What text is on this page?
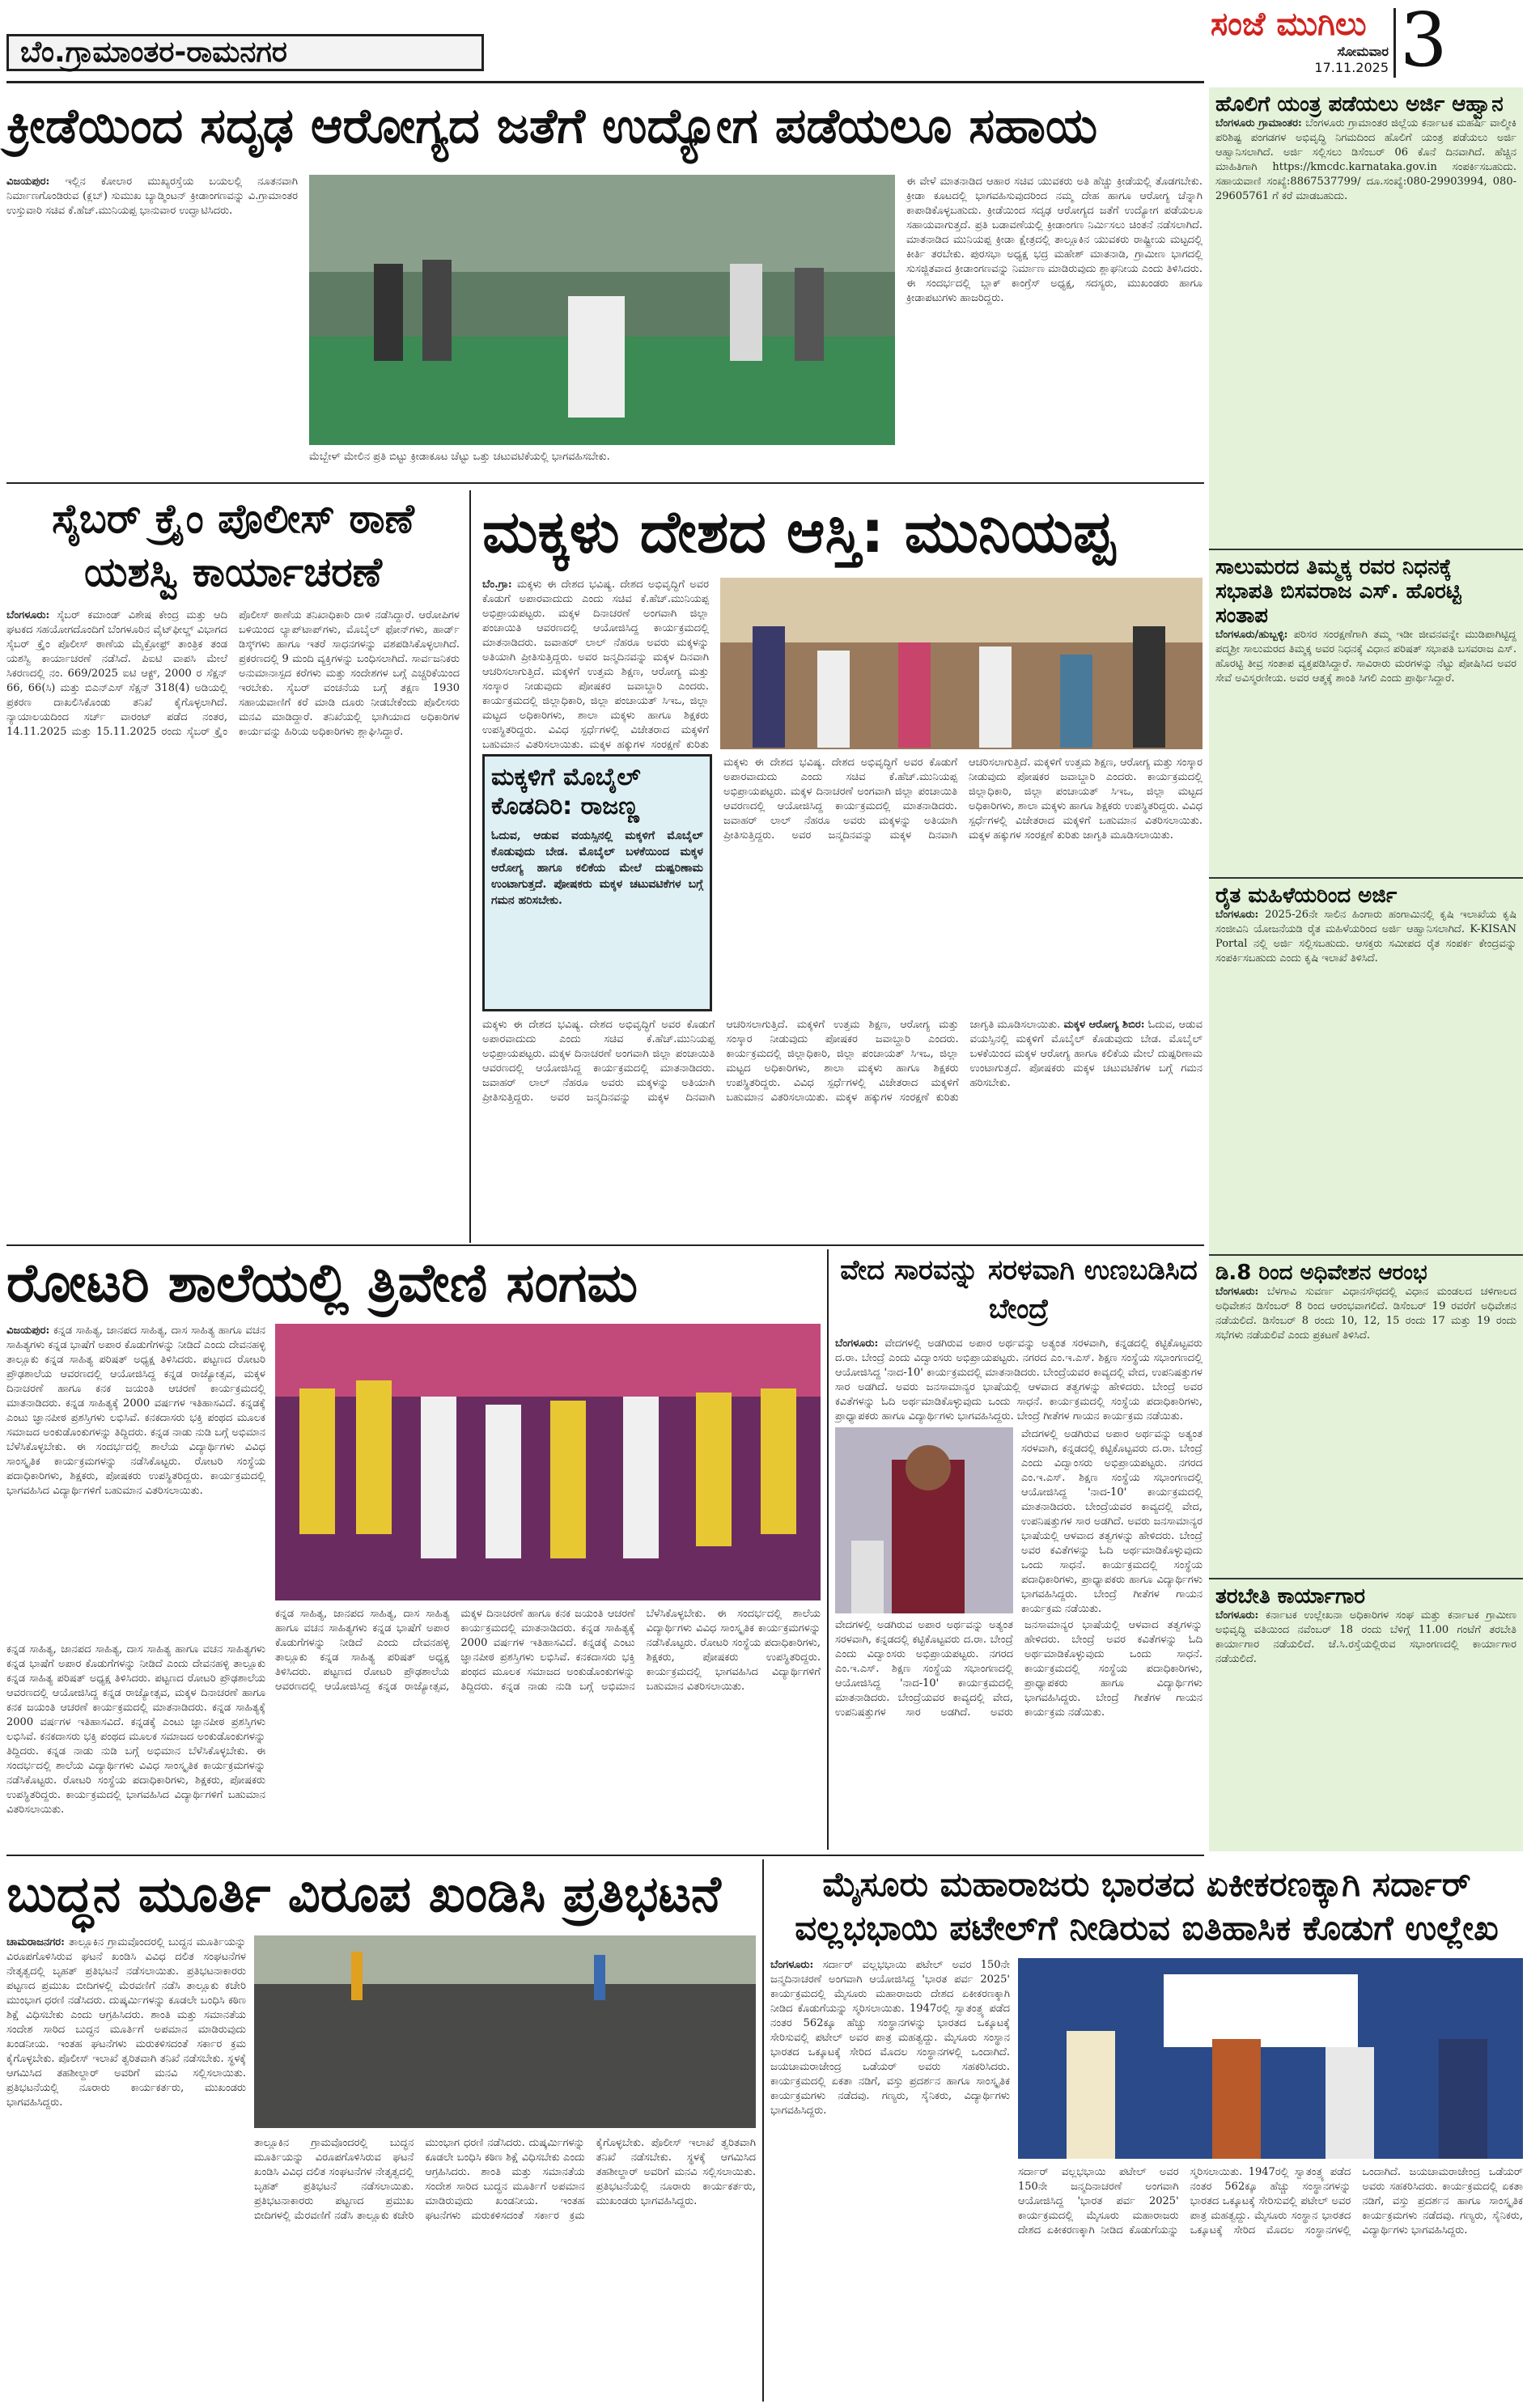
ಬೆಂ.ಗ್ರಾಮಾಂತರ-ರಾಮನಗರ
ಸಂಜೆ ಮುಗಿಲು
ಸೋಮವಾರ
17.11.2025 3
ಕ್ರೀಡೆಯಿಂದ ಸದೃಢ ಆರೋಗ್ಯದ ಜತೆಗೆ ಉದ್ಯೋಗ ಪಡೆಯಲೂ ಸಹಾಯ
ವಿಜಯಪುರ: ಇಲ್ಲಿನ ಕೋಲಾರ ಮುಖ್ಯರಸ್ತೆಯ ಬಯಲಲ್ಲಿ ನೂತನವಾಗಿ ನಿರ್ಮಾಣಗೊಂಡಿರುವ (ಕ್ಲಬ್) ಸುಮುಖ ಬ್ಯಾಡ್ಮಿಂಟನ್ ಕ್ರೀಡಾಂಗಣವನ್ನು ವಿ.ಗ್ರಾಮಾಂತರ ಉಸ್ತುವಾರಿ ಸಚಿವ ಕೆ.ಹೆಚ್.ಮುನಿಯಪ್ಪ ಭಾನುವಾರ ಉದ್ಘಾಟಿಸಿದರು.
ಮೆಬ್ಬೇಳ್ ಮೇಲಿನ ಪ್ರತಿ ಬಿಟ್ಟು ಕ್ರೀಡಾಕೂಟ ಚೆಟ್ಟು ಒತ್ತು ಚಟುವಟಿಕೆಯಲ್ಲಿ ಭಾಗವಹಿಸಬೇಕು.
ಈ ವೇಳೆ ಮಾತನಾಡಿದ ಆಹಾರ ಸಚಿವ ಯುವಕರು ಅತಿ ಹೆಚ್ಚು ಕ್ರೀಡೆಯಲ್ಲಿ ತೊಡಗಬೇಕು. ಕ್ರೀಡಾ ಕೂಟದಲ್ಲಿ ಭಾಗವಹಿಸುವುದರಿಂದ ನಮ್ಮ ದೇಹ ಹಾಗೂ ಆರೋಗ್ಯ ಚೆನ್ನಾಗಿ ಕಾಪಾಡಿಕೊಳ್ಳಬಹುದು. ಕ್ರೀಡೆಯಿಂದ ಸದೃಢ ಆರೋಗ್ಯದ ಜತೆಗೆ ಉದ್ಯೋಗ ಪಡೆಯಲೂ ಸಹಾಯವಾಗುತ್ತದೆ. ಪ್ರತಿ ಬಡಾವಣೆಯಲ್ಲಿ ಕ್ರೀಡಾಂಗಣ ನಿರ್ಮಿಸಲು ಚಿಂತನೆ ನಡೆಸಲಾಗಿದೆ. ಮಾತನಾಡಿದ ಮುನಿಯಪ್ಪ ಕ್ರೀಡಾ ಕ್ಷೇತ್ರದಲ್ಲಿ ತಾಲ್ಲೂಕಿನ ಯುವಕರು ರಾಷ್ಟ್ರೀಯ ಮಟ್ಟದಲ್ಲಿ ಕೀರ್ತಿ ತರಬೇಕು. ಪುರಸಭಾ ಅಧ್ಯಕ್ಷ ಭದ್ರ ಮಹೇಶ್ ಮಾತನಾಡಿ, ಗ್ರಾಮೀಣ ಭಾಗದಲ್ಲಿ ಸುಸಜ್ಜಿತವಾದ ಕ್ರೀಡಾಂಗಣವನ್ನು ನಿರ್ಮಾಣ ಮಾಡಿರುವುದು ಶ್ಲಾಘನೀಯ ಎಂದು ತಿಳಿಸಿದರು. ಈ ಸಂದರ್ಭದಲ್ಲಿ ಬ್ಲಾಕ್ ಕಾಂಗ್ರೆಸ್ ಅಧ್ಯಕ್ಷ, ಸದಸ್ಯರು, ಮುಖಂಡರು ಹಾಗೂ ಕ್ರೀಡಾಪಟುಗಳು ಹಾಜರಿದ್ದರು.
ಸೈಬರ್ ಕ್ರೈಂ ಪೊಲೀಸ್ ಠಾಣೆ ಯಶಸ್ವಿ ಕಾರ್ಯಾಚರಣೆ
ಬೆಂಗಳೂರು: ಸೈಬರ್ ಕಮಾಂಡ್ ವಿಶೇಷ ಕೇಂದ್ರ ಮತ್ತು ಆದಿ ಘಟಕದ ಸಹಯೋಗದೊಂದಿಗೆ ಬೆಂಗಳೂರಿನ ವೈಟ್‌ಫೀಲ್ಡ್ ವಿಭಾಗದ ಸೈಬರ್ ಕ್ರೈಂ ಪೊಲೀಸ್ ಠಾಣೆಯ ಮೈಕ್ರೋಫ್ರ್ ತಾಂತ್ರಿಕ ತಂಡ ಯಶಸ್ವಿ ಕಾರ್ಯಾಚರಣೆ ನಡೆಸಿದೆ. ಪಿಐಟಿ ವಾಪಸಿ ಮೇಲೆ ಸಿಕರಣದಲ್ಲಿ ನಂ. 669/2025 ಐಟಿ ಆಕ್ಟ್, 2000 ರ ಸೆಕ್ಷನ್ 66, 66(ಸಿ) ಮತ್ತು ಬಿಎನ್‌ಎಸ್ ಸೆಕ್ಷನ್ 318(4) ಅಡಿಯಲ್ಲಿ ಪ್ರಕರಣ ದಾಖಲಿಸಿಕೊಂಡು ತನಿಖೆ ಕೈಗೊಳ್ಳಲಾಗಿದೆ. ನ್ಯಾಯಾಲಯದಿಂದ ಸರ್ಚ್ ವಾರಂಟ್ ಪಡೆದ ನಂತರ, 14.11.2025 ಮತ್ತು 15.11.2025 ರಂದು ಸೈಬರ್ ಕ್ರೈಂ ಪೊಲೀಸ್ ಠಾಣೆಯ ತನಿಖಾಧಿಕಾರಿ ದಾಳಿ ನಡೆಸಿದ್ದಾರೆ. ಆರೋಪಿಗಳ ಬಳಿಯಿಂದ ಲ್ಯಾಪ್‌ಟಾಪ್‌ಗಳು, ಮೊಬೈಲ್ ಫೋನ್‌ಗಳು, ಹಾರ್ಡ್ ಡಿಸ್ಕ್‌ಗಳು ಹಾಗೂ ಇತರೆ ಸಾಧನಗಳನ್ನು ವಶಪಡಿಸಿಕೊಳ್ಳಲಾಗಿದೆ. ಪ್ರಕರಣದಲ್ಲಿ 9 ಮಂದಿ ವ್ಯಕ್ತಿಗಳನ್ನು ಬಂಧಿಸಲಾಗಿದೆ. ಸಾರ್ವಜನಿಕರು ಅನುಮಾನಾಸ್ಪದ ಕರೆಗಳು ಮತ್ತು ಸಂದೇಶಗಳ ಬಗ್ಗೆ ಎಚ್ಚರಿಕೆಯಿಂದ ಇರಬೇಕು. ಸೈಬರ್ ವಂಚನೆಯ ಬಗ್ಗೆ ತಕ್ಷಣ 1930 ಸಹಾಯವಾಣಿಗೆ ಕರೆ ಮಾಡಿ ದೂರು ನೀಡಬೇಕೆಂದು ಪೊಲೀಸರು ಮನವಿ ಮಾಡಿದ್ದಾರೆ. ತನಿಖೆಯಲ್ಲಿ ಭಾಗಿಯಾದ ಅಧಿಕಾರಿಗಳ ಕಾರ್ಯವನ್ನು ಹಿರಿಯ ಅಧಿಕಾರಿಗಳು ಶ್ಲಾಘಿಸಿದ್ದಾರೆ.
ಮಕ್ಕಳು ದೇಶದ ಆಸ್ತಿ: ಮುನಿಯಪ್ಪ
ಬೆಂ.ಗ್ರಾ: ಮಕ್ಕಳು ಈ ದೇಶದ ಭವಿಷ್ಯ. ದೇಶದ ಅಭಿವೃದ್ಧಿಗೆ ಅವರ ಕೊಡುಗೆ ಅಪಾರವಾದುದು ಎಂದು ಸಚಿವ ಕೆ.ಹೆಚ್.ಮುನಿಯಪ್ಪ ಅಭಿಪ್ರಾಯಪಟ್ಟರು. ಮಕ್ಕಳ ದಿನಾಚರಣೆ ಅಂಗವಾಗಿ ಜಿಲ್ಲಾ ಪಂಚಾಯಿತಿ ಆವರಣದಲ್ಲಿ ಆಯೋಜಿಸಿದ್ದ ಕಾರ್ಯಕ್ರಮದಲ್ಲಿ ಮಾತನಾಡಿದರು. ಜವಾಹರ್ ಲಾಲ್ ನೆಹರೂ ಅವರು ಮಕ್ಕಳನ್ನು ಅತಿಯಾಗಿ ಪ್ರೀತಿಸುತ್ತಿದ್ದರು. ಅವರ ಜನ್ಮದಿನವನ್ನು ಮಕ್ಕಳ ದಿನವಾಗಿ ಆಚರಿಸಲಾಗುತ್ತಿದೆ. ಮಕ್ಕಳಿಗೆ ಉತ್ತಮ ಶಿಕ್ಷಣ, ಆರೋಗ್ಯ ಮತ್ತು ಸಂಸ್ಕಾರ ನೀಡುವುದು ಪೋಷಕರ ಜವಾಬ್ದಾರಿ ಎಂದರು. ಕಾರ್ಯಕ್ರಮದಲ್ಲಿ ಜಿಲ್ಲಾಧಿಕಾರಿ, ಜಿಲ್ಲಾ ಪಂಚಾಯತ್ ಸಿಇಒ, ಜಿಲ್ಲಾ ಮಟ್ಟದ ಅಧಿಕಾರಿಗಳು, ಶಾಲಾ ಮಕ್ಕಳು ಹಾಗೂ ಶಿಕ್ಷಕರು ಉಪಸ್ಥಿತರಿದ್ದರು. ವಿವಿಧ ಸ್ಪರ್ಧೆಗಳಲ್ಲಿ ವಿಜೇತರಾದ ಮಕ್ಕಳಿಗೆ ಬಹುಮಾನ ವಿತರಿಸಲಾಯಿತು. ಮಕ್ಕಳ ಹಕ್ಕುಗಳ ಸಂರಕ್ಷಣೆ ಕುರಿತು
ಮಕ್ಕಳಿಗೆ ಮೊಬೈಲ್ ಕೊಡದಿರಿ: ರಾಜಣ್ಣ
ಓದುವ, ಆಡುವ ವಯಸ್ಸಿನಲ್ಲಿ ಮಕ್ಕಳಿಗೆ ಮೊಬೈಲ್ ಕೊಡುವುದು ಬೇಡ. ಮೊಬೈಲ್ ಬಳಕೆಯಿಂದ ಮಕ್ಕಳ ಆರೋಗ್ಯ ಹಾಗೂ ಕಲಿಕೆಯ ಮೇಲೆ ದುಷ್ಪರಿಣಾಮ ಉಂಟಾಗುತ್ತದೆ. ಪೋಷಕರು ಮಕ್ಕಳ ಚಟುವಟಿಕೆಗಳ ಬಗ್ಗೆ ಗಮನ ಹರಿಸಬೇಕು.
ಮಕ್ಕಳು ಈ ದೇಶದ ಭವಿಷ್ಯ. ದೇಶದ ಅಭಿವೃದ್ಧಿಗೆ ಅವರ ಕೊಡುಗೆ ಅಪಾರವಾದುದು ಎಂದು ಸಚಿವ ಕೆ.ಹೆಚ್.ಮುನಿಯಪ್ಪ ಅಭಿಪ್ರಾಯಪಟ್ಟರು. ಮಕ್ಕಳ ದಿನಾಚರಣೆ ಅಂಗವಾಗಿ ಜಿಲ್ಲಾ ಪಂಚಾಯಿತಿ ಆವರಣದಲ್ಲಿ ಆಯೋಜಿಸಿದ್ದ ಕಾರ್ಯಕ್ರಮದಲ್ಲಿ ಮಾತನಾಡಿದರು. ಜವಾಹರ್ ಲಾಲ್ ನೆಹರೂ ಅವರು ಮಕ್ಕಳನ್ನು ಅತಿಯಾಗಿ ಪ್ರೀತಿಸುತ್ತಿದ್ದರು. ಅವರ ಜನ್ಮದಿನವನ್ನು ಮಕ್ಕಳ ದಿನವಾಗಿ ಆಚರಿಸಲಾಗುತ್ತಿದೆ. ಮಕ್ಕಳಿಗೆ ಉತ್ತಮ ಶಿಕ್ಷಣ, ಆರೋಗ್ಯ ಮತ್ತು ಸಂಸ್ಕಾರ ನೀಡುವುದು ಪೋಷಕರ ಜವಾಬ್ದಾರಿ ಎಂದರು. ಕಾರ್ಯಕ್ರಮದಲ್ಲಿ ಜಿಲ್ಲಾಧಿಕಾರಿ, ಜಿಲ್ಲಾ ಪಂಚಾಯತ್ ಸಿಇಒ, ಜಿಲ್ಲಾ ಮಟ್ಟದ ಅಧಿಕಾರಿಗಳು, ಶಾಲಾ ಮಕ್ಕಳು ಹಾಗೂ ಶಿಕ್ಷಕರು ಉಪಸ್ಥಿತರಿದ್ದರು. ವಿವಿಧ ಸ್ಪರ್ಧೆಗಳಲ್ಲಿ ವಿಜೇತರಾದ ಮಕ್ಕಳಿಗೆ ಬಹುಮಾನ ವಿತರಿಸಲಾಯಿತು. ಮಕ್ಕಳ ಹಕ್ಕುಗಳ ಸಂರಕ್ಷಣೆ ಕುರಿತು ಜಾಗೃತಿ ಮೂಡಿಸಲಾಯಿತು.
ಮಕ್ಕಳು ಈ ದೇಶದ ಭವಿಷ್ಯ. ದೇಶದ ಅಭಿವೃದ್ಧಿಗೆ ಅವರ ಕೊಡುಗೆ ಅಪಾರವಾದುದು ಎಂದು ಸಚಿವ ಕೆ.ಹೆಚ್.ಮುನಿಯಪ್ಪ ಅಭಿಪ್ರಾಯಪಟ್ಟರು. ಮಕ್ಕಳ ದಿನಾಚರಣೆ ಅಂಗವಾಗಿ ಜಿಲ್ಲಾ ಪಂಚಾಯಿತಿ ಆವರಣದಲ್ಲಿ ಆಯೋಜಿಸಿದ್ದ ಕಾರ್ಯಕ್ರಮದಲ್ಲಿ ಮಾತನಾಡಿದರು. ಜವಾಹರ್ ಲಾಲ್ ನೆಹರೂ ಅವರು ಮಕ್ಕಳನ್ನು ಅತಿಯಾಗಿ ಪ್ರೀತಿಸುತ್ತಿದ್ದರು. ಅವರ ಜನ್ಮದಿನವನ್ನು ಮಕ್ಕಳ ದಿನವಾಗಿ ಆಚರಿಸಲಾಗುತ್ತಿದೆ. ಮಕ್ಕಳಿಗೆ ಉತ್ತಮ ಶಿಕ್ಷಣ, ಆರೋಗ್ಯ ಮತ್ತು ಸಂಸ್ಕಾರ ನೀಡುವುದು ಪೋಷಕರ ಜವಾಬ್ದಾರಿ ಎಂದರು. ಕಾರ್ಯಕ್ರಮದಲ್ಲಿ ಜಿಲ್ಲಾಧಿಕಾರಿ, ಜಿಲ್ಲಾ ಪಂಚಾಯತ್ ಸಿಇಒ, ಜಿಲ್ಲಾ ಮಟ್ಟದ ಅಧಿಕಾರಿಗಳು, ಶಾಲಾ ಮಕ್ಕಳು ಹಾಗೂ ಶಿಕ್ಷಕರು ಉಪಸ್ಥಿತರಿದ್ದರು. ವಿವಿಧ ಸ್ಪರ್ಧೆಗಳಲ್ಲಿ ವಿಜೇತರಾದ ಮಕ್ಕಳಿಗೆ ಬಹುಮಾನ ವಿತರಿಸಲಾಯಿತು. ಮಕ್ಕಳ ಹಕ್ಕುಗಳ ಸಂರಕ್ಷಣೆ ಕುರಿತು ಜಾಗೃತಿ ಮೂಡಿಸಲಾಯಿತು. ಮಕ್ಕಳ ಆರೋಗ್ಯ ಶಿಬಿರ: ಓದುವ, ಆಡುವ ವಯಸ್ಸಿನಲ್ಲಿ ಮಕ್ಕಳಿಗೆ ಮೊಬೈಲ್ ಕೊಡುವುದು ಬೇಡ. ಮೊಬೈಲ್ ಬಳಕೆಯಿಂದ ಮಕ್ಕಳ ಆರೋಗ್ಯ ಹಾಗೂ ಕಲಿಕೆಯ ಮೇಲೆ ದುಷ್ಪರಿಣಾಮ ಉಂಟಾಗುತ್ತದೆ. ಪೋಷಕರು ಮಕ್ಕಳ ಚಟುವಟಿಕೆಗಳ ಬಗ್ಗೆ ಗಮನ ಹರಿಸಬೇಕು.
ರೋಟರಿ ಶಾಲೆಯಲ್ಲಿ ತ್ರಿವೇಣಿ ಸಂಗಮ
ವಿಜಯಪುರ: ಕನ್ನಡ ಸಾಹಿತ್ಯ, ಜಾನಪದ ಸಾಹಿತ್ಯ, ದಾಸ ಸಾಹಿತ್ಯ ಹಾಗೂ ವಚನ ಸಾಹಿತ್ಯಗಳು ಕನ್ನಡ ಭಾಷೆಗೆ ಅಪಾರ ಕೊಡುಗೆಗಳನ್ನು ನೀಡಿದೆ ಎಂದು ದೇವನಹಳ್ಳಿ ತಾಲ್ಲೂಕು ಕನ್ನಡ ಸಾಹಿತ್ಯ ಪರಿಷತ್ ಅಧ್ಯಕ್ಷ ತಿಳಿಸಿದರು. ಪಟ್ಟಣದ ರೋಟರಿ ಪ್ರೌಢಶಾಲೆಯ ಆವರಣದಲ್ಲಿ ಆಯೋಜಿಸಿದ್ದ ಕನ್ನಡ ರಾಜ್ಯೋತ್ಸವ, ಮಕ್ಕಳ ದಿನಾಚರಣೆ ಹಾಗೂ ಕನಕ ಜಯಂತಿ ಆಚರಣೆ ಕಾರ್ಯಕ್ರಮದಲ್ಲಿ ಮಾತನಾಡಿದರು. ಕನ್ನಡ ಸಾಹಿತ್ಯಕ್ಕೆ 2000 ವರ್ಷಗಳ ಇತಿಹಾಸವಿದೆ. ಕನ್ನಡಕ್ಕೆ ಎಂಟು ಜ್ಞಾನಪೀಠ ಪ್ರಶಸ್ತಿಗಳು ಲಭಿಸಿವೆ. ಕನಕದಾಸರು ಭಕ್ತಿ ಪಂಥದ ಮೂಲಕ ಸಮಾಜದ ಅಂಕುಡೊಂಕುಗಳನ್ನು ತಿದ್ದಿದರು. ಕನ್ನಡ ನಾಡು ನುಡಿ ಬಗ್ಗೆ ಅಭಿಮಾನ ಬೆಳೆಸಿಕೊಳ್ಳಬೇಕು. ಈ ಸಂದರ್ಭದಲ್ಲಿ ಶಾಲೆಯ ವಿದ್ಯಾರ್ಥಿಗಳು ವಿವಿಧ ಸಾಂಸ್ಕೃತಿಕ ಕಾರ್ಯಕ್ರಮಗಳನ್ನು ನಡೆಸಿಕೊಟ್ಟರು. ರೋಟರಿ ಸಂಸ್ಥೆಯ ಪದಾಧಿಕಾರಿಗಳು, ಶಿಕ್ಷಕರು, ಪೋಷಕರು ಉಪಸ್ಥಿತರಿದ್ದರು. ಕಾರ್ಯಕ್ರಮದಲ್ಲಿ ಭಾಗವಹಿಸಿದ ವಿದ್ಯಾರ್ಥಿಗಳಿಗೆ ಬಹುಮಾನ ವಿತರಿಸಲಾಯಿತು.
ಕನ್ನಡ ಸಾಹಿತ್ಯ, ಜಾನಪದ ಸಾಹಿತ್ಯ, ದಾಸ ಸಾಹಿತ್ಯ ಹಾಗೂ ವಚನ ಸಾಹಿತ್ಯಗಳು ಕನ್ನಡ ಭಾಷೆಗೆ ಅಪಾರ ಕೊಡುಗೆಗಳನ್ನು ನೀಡಿದೆ ಎಂದು ದೇವನಹಳ್ಳಿ ತಾಲ್ಲೂಕು ಕನ್ನಡ ಸಾಹಿತ್ಯ ಪರಿಷತ್ ಅಧ್ಯಕ್ಷ ತಿಳಿಸಿದರು. ಪಟ್ಟಣದ ರೋಟರಿ ಪ್ರೌಢಶಾಲೆಯ ಆವರಣದಲ್ಲಿ ಆಯೋಜಿಸಿದ್ದ ಕನ್ನಡ ರಾಜ್ಯೋತ್ಸವ, ಮಕ್ಕಳ ದಿನಾಚರಣೆ ಹಾಗೂ ಕನಕ ಜಯಂತಿ ಆಚರಣೆ ಕಾರ್ಯಕ್ರಮದಲ್ಲಿ ಮಾತನಾಡಿದರು. ಕನ್ನಡ ಸಾಹಿತ್ಯಕ್ಕೆ 2000 ವರ್ಷಗಳ ಇತಿಹಾಸವಿದೆ. ಕನ್ನಡಕ್ಕೆ ಎಂಟು ಜ್ಞಾನಪೀಠ ಪ್ರಶಸ್ತಿಗಳು ಲಭಿಸಿವೆ. ಕನಕದಾಸರು ಭಕ್ತಿ ಪಂಥದ ಮೂಲಕ ಸಮಾಜದ ಅಂಕುಡೊಂಕುಗಳನ್ನು ತಿದ್ದಿದರು. ಕನ್ನಡ ನಾಡು ನುಡಿ ಬಗ್ಗೆ ಅಭಿಮಾನ ಬೆಳೆಸಿಕೊಳ್ಳಬೇಕು. ಈ ಸಂದರ್ಭದಲ್ಲಿ ಶಾಲೆಯ ವಿದ್ಯಾರ್ಥಿಗಳು ವಿವಿಧ ಸಾಂಸ್ಕೃತಿಕ ಕಾರ್ಯಕ್ರಮಗಳನ್ನು ನಡೆಸಿಕೊಟ್ಟರು. ರೋಟರಿ ಸಂಸ್ಥೆಯ ಪದಾಧಿಕಾರಿಗಳು, ಶಿಕ್ಷಕರು, ಪೋಷಕರು ಉಪಸ್ಥಿತರಿದ್ದರು. ಕಾರ್ಯಕ್ರಮದಲ್ಲಿ ಭಾಗವಹಿಸಿದ ವಿದ್ಯಾರ್ಥಿಗಳಿಗೆ ಬಹುಮಾನ ವಿತರಿಸಲಾಯಿತು.
ಕನ್ನಡ ಸಾಹಿತ್ಯ, ಜಾನಪದ ಸಾಹಿತ್ಯ, ದಾಸ ಸಾಹಿತ್ಯ ಹಾಗೂ ವಚನ ಸಾಹಿತ್ಯಗಳು ಕನ್ನಡ ಭಾಷೆಗೆ ಅಪಾರ ಕೊಡುಗೆಗಳನ್ನು ನೀಡಿದೆ ಎಂದು ದೇವನಹಳ್ಳಿ ತಾಲ್ಲೂಕು ಕನ್ನಡ ಸಾಹಿತ್ಯ ಪರಿಷತ್ ಅಧ್ಯಕ್ಷ ತಿಳಿಸಿದರು. ಪಟ್ಟಣದ ರೋಟರಿ ಪ್ರೌಢಶಾಲೆಯ ಆವರಣದಲ್ಲಿ ಆಯೋಜಿಸಿದ್ದ ಕನ್ನಡ ರಾಜ್ಯೋತ್ಸವ, ಮಕ್ಕಳ ದಿನಾಚರಣೆ ಹಾಗೂ ಕನಕ ಜಯಂತಿ ಆಚರಣೆ ಕಾರ್ಯಕ್ರಮದಲ್ಲಿ ಮಾತನಾಡಿದರು. ಕನ್ನಡ ಸಾಹಿತ್ಯಕ್ಕೆ 2000 ವರ್ಷಗಳ ಇತಿಹಾಸವಿದೆ. ಕನ್ನಡಕ್ಕೆ ಎಂಟು ಜ್ಞಾನಪೀಠ ಪ್ರಶಸ್ತಿಗಳು ಲಭಿಸಿವೆ. ಕನಕದಾಸರು ಭಕ್ತಿ ಪಂಥದ ಮೂಲಕ ಸಮಾಜದ ಅಂಕುಡೊಂಕುಗಳನ್ನು ತಿದ್ದಿದರು. ಕನ್ನಡ ನಾಡು ನುಡಿ ಬಗ್ಗೆ ಅಭಿಮಾನ ಬೆಳೆಸಿಕೊಳ್ಳಬೇಕು. ಈ ಸಂದರ್ಭದಲ್ಲಿ ಶಾಲೆಯ ವಿದ್ಯಾರ್ಥಿಗಳು ವಿವಿಧ ಸಾಂಸ್ಕೃತಿಕ ಕಾರ್ಯಕ್ರಮಗಳನ್ನು ನಡೆಸಿಕೊಟ್ಟರು. ರೋಟರಿ ಸಂಸ್ಥೆಯ ಪದಾಧಿಕಾರಿಗಳು, ಶಿಕ್ಷಕರು, ಪೋಷಕರು ಉಪಸ್ಥಿತರಿದ್ದರು. ಕಾರ್ಯಕ್ರಮದಲ್ಲಿ ಭಾಗವಹಿಸಿದ ವಿದ್ಯಾರ್ಥಿಗಳಿಗೆ ಬಹುಮಾನ ವಿತರಿಸಲಾಯಿತು.
ವೇದ ಸಾರವನ್ನು ಸರಳವಾಗಿ ಉಣಬಡಿಸಿದ ಬೇಂದ್ರೆ
ಬೆಂಗಳೂರು: ವೇದಗಳಲ್ಲಿ ಅಡಗಿರುವ ಅಪಾರ ಅರ್ಥವನ್ನು ಅತ್ಯಂತ ಸರಳವಾಗಿ, ಕನ್ನಡದಲ್ಲಿ ಕಟ್ಟಿಕೊಟ್ಟವರು ದ.ರಾ. ಬೇಂದ್ರೆ ಎಂದು ವಿದ್ವಾಂಸರು ಅಭಿಪ್ರಾಯಪಟ್ಟರು. ನಗರದ ಎಂ.ಇ.ಎಸ್. ಶಿಕ್ಷಣ ಸಂಸ್ಥೆಯ ಸಭಾಂಗಣದಲ್ಲಿ ಆಯೋಜಿಸಿದ್ದ 'ನಾದ-10' ಕಾರ್ಯಕ್ರಮದಲ್ಲಿ ಮಾತನಾಡಿದರು. ಬೇಂದ್ರೆಯವರ ಕಾವ್ಯದಲ್ಲಿ ವೇದ, ಉಪನಿಷತ್ತುಗಳ ಸಾರ ಅಡಗಿದೆ. ಅವರು ಜನಸಾಮಾನ್ಯರ ಭಾಷೆಯಲ್ಲಿ ಆಳವಾದ ತತ್ವಗಳನ್ನು ಹೇಳಿದರು. ಬೇಂದ್ರೆ ಅವರ ಕವಿತೆಗಳನ್ನು ಓದಿ ಅರ್ಥಮಾಡಿಕೊಳ್ಳುವುದು ಒಂದು ಸಾಧನೆ. ಕಾರ್ಯಕ್ರಮದಲ್ಲಿ ಸಂಸ್ಥೆಯ ಪದಾಧಿಕಾರಿಗಳು, ಪ್ರಾಧ್ಯಾಪಕರು ಹಾಗೂ ವಿದ್ಯಾರ್ಥಿಗಳು ಭಾಗವಹಿಸಿದ್ದರು. ಬೇಂದ್ರೆ ಗೀತೆಗಳ ಗಾಯನ ಕಾರ್ಯಕ್ರಮ ನಡೆಯಿತು.
ವೇದಗಳಲ್ಲಿ ಅಡಗಿರುವ ಅಪಾರ ಅರ್ಥವನ್ನು ಅತ್ಯಂತ ಸರಳವಾಗಿ, ಕನ್ನಡದಲ್ಲಿ ಕಟ್ಟಿಕೊಟ್ಟವರು ದ.ರಾ. ಬೇಂದ್ರೆ ಎಂದು ವಿದ್ವಾಂಸರು ಅಭಿಪ್ರಾಯಪಟ್ಟರು. ನಗರದ ಎಂ.ಇ.ಎಸ್. ಶಿಕ್ಷಣ ಸಂಸ್ಥೆಯ ಸಭಾಂಗಣದಲ್ಲಿ ಆಯೋಜಿಸಿದ್ದ 'ನಾದ-10' ಕಾರ್ಯಕ್ರಮದಲ್ಲಿ ಮಾತನಾಡಿದರು. ಬೇಂದ್ರೆಯವರ ಕಾವ್ಯದಲ್ಲಿ ವೇದ, ಉಪನಿಷತ್ತುಗಳ ಸಾರ ಅಡಗಿದೆ. ಅವರು ಜನಸಾಮಾನ್ಯರ ಭಾಷೆಯಲ್ಲಿ ಆಳವಾದ ತತ್ವಗಳನ್ನು ಹೇಳಿದರು. ಬೇಂದ್ರೆ ಅವರ ಕವಿತೆಗಳನ್ನು ಓದಿ ಅರ್ಥಮಾಡಿಕೊಳ್ಳುವುದು ಒಂದು ಸಾಧನೆ. ಕಾರ್ಯಕ್ರಮದಲ್ಲಿ ಸಂಸ್ಥೆಯ ಪದಾಧಿಕಾರಿಗಳು, ಪ್ರಾಧ್ಯಾಪಕರು ಹಾಗೂ ವಿದ್ಯಾರ್ಥಿಗಳು ಭಾಗವಹಿಸಿದ್ದರು. ಬೇಂದ್ರೆ ಗೀತೆಗಳ ಗಾಯನ ಕಾರ್ಯಕ್ರಮ ನಡೆಯಿತು.
ವೇದಗಳಲ್ಲಿ ಅಡಗಿರುವ ಅಪಾರ ಅರ್ಥವನ್ನು ಅತ್ಯಂತ ಸರಳವಾಗಿ, ಕನ್ನಡದಲ್ಲಿ ಕಟ್ಟಿಕೊಟ್ಟವರು ದ.ರಾ. ಬೇಂದ್ರೆ ಎಂದು ವಿದ್ವಾಂಸರು ಅಭಿಪ್ರಾಯಪಟ್ಟರು. ನಗರದ ಎಂ.ಇ.ಎಸ್. ಶಿಕ್ಷಣ ಸಂಸ್ಥೆಯ ಸಭಾಂಗಣದಲ್ಲಿ ಆಯೋಜಿಸಿದ್ದ 'ನಾದ-10' ಕಾರ್ಯಕ್ರಮದಲ್ಲಿ ಮಾತನಾಡಿದರು. ಬೇಂದ್ರೆಯವರ ಕಾವ್ಯದಲ್ಲಿ ವೇದ, ಉಪನಿಷತ್ತುಗಳ ಸಾರ ಅಡಗಿದೆ. ಅವರು ಜನಸಾಮಾನ್ಯರ ಭಾಷೆಯಲ್ಲಿ ಆಳವಾದ ತತ್ವಗಳನ್ನು ಹೇಳಿದರು. ಬೇಂದ್ರೆ ಅವರ ಕವಿತೆಗಳನ್ನು ಓದಿ ಅರ್ಥಮಾಡಿಕೊಳ್ಳುವುದು ಒಂದು ಸಾಧನೆ. ಕಾರ್ಯಕ್ರಮದಲ್ಲಿ ಸಂಸ್ಥೆಯ ಪದಾಧಿಕಾರಿಗಳು, ಪ್ರಾಧ್ಯಾಪಕರು ಹಾಗೂ ವಿದ್ಯಾರ್ಥಿಗಳು ಭಾಗವಹಿಸಿದ್ದರು. ಬೇಂದ್ರೆ ಗೀತೆಗಳ ಗಾಯನ ಕಾರ್ಯಕ್ರಮ ನಡೆಯಿತು.
ಬುದ್ಧನ ಮೂರ್ತಿ ವಿರೂಪ ಖಂಡಿಸಿ ಪ್ರತಿಭಟನೆ
ಚಾಮರಾಜನಗರ: ತಾಲ್ಲೂಕಿನ ಗ್ರಾಮವೊಂದರಲ್ಲಿ ಬುದ್ಧನ ಮೂರ್ತಿಯನ್ನು ವಿರೂಪಗೊಳಿಸಿರುವ ಘಟನೆ ಖಂಡಿಸಿ ವಿವಿಧ ದಲಿತ ಸಂಘಟನೆಗಳ ನೇತೃತ್ವದಲ್ಲಿ ಬೃಹತ್ ಪ್ರತಿಭಟನೆ ನಡೆಸಲಾಯಿತು. ಪ್ರತಿಭಟನಾಕಾರರು ಪಟ್ಟಣದ ಪ್ರಮುಖ ಬೀದಿಗಳಲ್ಲಿ ಮೆರವಣಿಗೆ ನಡೆಸಿ ತಾಲ್ಲೂಕು ಕಚೇರಿ ಮುಂಭಾಗ ಧರಣಿ ನಡೆಸಿದರು. ದುಷ್ಕರ್ಮಿಗಳನ್ನು ಕೂಡಲೇ ಬಂಧಿಸಿ ಕಠಿಣ ಶಿಕ್ಷೆ ವಿಧಿಸಬೇಕು ಎಂದು ಆಗ್ರಹಿಸಿದರು. ಶಾಂತಿ ಮತ್ತು ಸಮಾನತೆಯ ಸಂದೇಶ ಸಾರಿದ ಬುದ್ಧನ ಮೂರ್ತಿಗೆ ಅಪಮಾನ ಮಾಡಿರುವುದು ಖಂಡನೀಯ. ಇಂತಹ ಘಟನೆಗಳು ಮರುಕಳಿಸದಂತೆ ಸರ್ಕಾರ ಕ್ರಮ ಕೈಗೊಳ್ಳಬೇಕು. ಪೊಲೀಸ್ ಇಲಾಖೆ ತ್ವರಿತವಾಗಿ ತನಿಖೆ ನಡೆಸಬೇಕು. ಸ್ಥಳಕ್ಕೆ ಆಗಮಿಸಿದ ತಹಶೀಲ್ದಾರ್ ಅವರಿಗೆ ಮನವಿ ಸಲ್ಲಿಸಲಾಯಿತು. ಪ್ರತಿಭಟನೆಯಲ್ಲಿ ನೂರಾರು ಕಾರ್ಯಕರ್ತರು, ಮುಖಂಡರು ಭಾಗವಹಿಸಿದ್ದರು.
ತಾಲ್ಲೂಕಿನ ಗ್ರಾಮವೊಂದರಲ್ಲಿ ಬುದ್ಧನ ಮೂರ್ತಿಯನ್ನು ವಿರೂಪಗೊಳಿಸಿರುವ ಘಟನೆ ಖಂಡಿಸಿ ವಿವಿಧ ದಲಿತ ಸಂಘಟನೆಗಳ ನೇತೃತ್ವದಲ್ಲಿ ಬೃಹತ್ ಪ್ರತಿಭಟನೆ ನಡೆಸಲಾಯಿತು. ಪ್ರತಿಭಟನಾಕಾರರು ಪಟ್ಟಣದ ಪ್ರಮುಖ ಬೀದಿಗಳಲ್ಲಿ ಮೆರವಣಿಗೆ ನಡೆಸಿ ತಾಲ್ಲೂಕು ಕಚೇರಿ ಮುಂಭಾಗ ಧರಣಿ ನಡೆಸಿದರು. ದುಷ್ಕರ್ಮಿಗಳನ್ನು ಕೂಡಲೇ ಬಂಧಿಸಿ ಕಠಿಣ ಶಿಕ್ಷೆ ವಿಧಿಸಬೇಕು ಎಂದು ಆಗ್ರಹಿಸಿದರು. ಶಾಂತಿ ಮತ್ತು ಸಮಾನತೆಯ ಸಂದೇಶ ಸಾರಿದ ಬುದ್ಧನ ಮೂರ್ತಿಗೆ ಅಪಮಾನ ಮಾಡಿರುವುದು ಖಂಡನೀಯ. ಇಂತಹ ಘಟನೆಗಳು ಮರುಕಳಿಸದಂತೆ ಸರ್ಕಾರ ಕ್ರಮ ಕೈಗೊಳ್ಳಬೇಕು. ಪೊಲೀಸ್ ಇಲಾಖೆ ತ್ವರಿತವಾಗಿ ತನಿಖೆ ನಡೆಸಬೇಕು. ಸ್ಥಳಕ್ಕೆ ಆಗಮಿಸಿದ ತಹಶೀಲ್ದಾರ್ ಅವರಿಗೆ ಮನವಿ ಸಲ್ಲಿಸಲಾಯಿತು. ಪ್ರತಿಭಟನೆಯಲ್ಲಿ ನೂರಾರು ಕಾರ್ಯಕರ್ತರು, ಮುಖಂಡರು ಭಾಗವಹಿಸಿದ್ದರು.
ಮೈಸೂರು ಮಹಾರಾಜರು ಭಾರತದ ಏಕೀಕರಣಕ್ಕಾಗಿ ಸರ್ದಾರ್ ವಲ್ಲಭಭಾಯಿ ಪಟೇಲ್‌ಗೆ ನೀಡಿರುವ ಐತಿಹಾಸಿಕ ಕೊಡುಗೆ ಉಲ್ಲೇಖ
ಬೆಂಗಳೂರು: ಸರ್ದಾರ್ ವಲ್ಲಭಭಾಯಿ ಪಟೇಲ್ ಅವರ 150ನೇ ಜನ್ಮದಿನಾಚರಣೆ ಅಂಗವಾಗಿ ಆಯೋಜಿಸಿದ್ದ 'ಭಾರತ ಪರ್ವ 2025' ಕಾರ್ಯಕ್ರಮದಲ್ಲಿ ಮೈಸೂರು ಮಹಾರಾಜರು ದೇಶದ ಏಕೀಕರಣಕ್ಕಾಗಿ ನೀಡಿದ ಕೊಡುಗೆಯನ್ನು ಸ್ಮರಿಸಲಾಯಿತು. 1947ರಲ್ಲಿ ಸ್ವಾತಂತ್ರ್ಯ ಪಡೆದ ನಂತರ 562ಕ್ಕೂ ಹೆಚ್ಚು ಸಂಸ್ಥಾನಗಳನ್ನು ಭಾರತದ ಒಕ್ಕೂಟಕ್ಕೆ ಸೇರಿಸುವಲ್ಲಿ ಪಟೇಲ್ ಅವರ ಪಾತ್ರ ಮಹತ್ವದ್ದು. ಮೈಸೂರು ಸಂಸ್ಥಾನ ಭಾರತದ ಒಕ್ಕೂಟಕ್ಕೆ ಸೇರಿದ ಮೊದಲ ಸಂಸ್ಥಾನಗಳಲ್ಲಿ ಒಂದಾಗಿದೆ. ಜಯಚಾಮರಾಜೇಂದ್ರ ಒಡೆಯರ್ ಅವರು ಸಹಕರಿಸಿದರು. ಕಾರ್ಯಕ್ರಮದಲ್ಲಿ ಏಕತಾ ನಡಿಗೆ, ವಸ್ತು ಪ್ರದರ್ಶನ ಹಾಗೂ ಸಾಂಸ್ಕೃತಿಕ ಕಾರ್ಯಕ್ರಮಗಳು ನಡೆದವು. ಗಣ್ಯರು, ಸೈನಿಕರು, ವಿದ್ಯಾರ್ಥಿಗಳು ಭಾಗವಹಿಸಿದ್ದರು.
ಸರ್ದಾರ್ ವಲ್ಲಭಭಾಯಿ ಪಟೇಲ್ ಅವರ 150ನೇ ಜನ್ಮದಿನಾಚರಣೆ ಅಂಗವಾಗಿ ಆಯೋಜಿಸಿದ್ದ 'ಭಾರತ ಪರ್ವ 2025' ಕಾರ್ಯಕ್ರಮದಲ್ಲಿ ಮೈಸೂರು ಮಹಾರಾಜರು ದೇಶದ ಏಕೀಕರಣಕ್ಕಾಗಿ ನೀಡಿದ ಕೊಡುಗೆಯನ್ನು ಸ್ಮರಿಸಲಾಯಿತು. 1947ರಲ್ಲಿ ಸ್ವಾತಂತ್ರ್ಯ ಪಡೆದ ನಂತರ 562ಕ್ಕೂ ಹೆಚ್ಚು ಸಂಸ್ಥಾನಗಳನ್ನು ಭಾರತದ ಒಕ್ಕೂಟಕ್ಕೆ ಸೇರಿಸುವಲ್ಲಿ ಪಟೇಲ್ ಅವರ ಪಾತ್ರ ಮಹತ್ವದ್ದು. ಮೈಸೂರು ಸಂಸ್ಥಾನ ಭಾರತದ ಒಕ್ಕೂಟಕ್ಕೆ ಸೇರಿದ ಮೊದಲ ಸಂಸ್ಥಾನಗಳಲ್ಲಿ ಒಂದಾಗಿದೆ. ಜಯಚಾಮರಾಜೇಂದ್ರ ಒಡೆಯರ್ ಅವರು ಸಹಕರಿಸಿದರು. ಕಾರ್ಯಕ್ರಮದಲ್ಲಿ ಏಕತಾ ನಡಿಗೆ, ವಸ್ತು ಪ್ರದರ್ಶನ ಹಾಗೂ ಸಾಂಸ್ಕೃತಿಕ ಕಾರ್ಯಕ್ರಮಗಳು ನಡೆದವು. ಗಣ್ಯರು, ಸೈನಿಕರು, ವಿದ್ಯಾರ್ಥಿಗಳು ಭಾಗವಹಿಸಿದ್ದರು.
ಹೊಲಿಗೆ ಯಂತ್ರ ಪಡೆಯಲು ಅರ್ಜಿ ಆಹ್ವಾನ
ಬೆಂಗಳೂರು ಗ್ರಾಮಾಂತರ: ಬೆಂಗಳೂರು ಗ್ರಾಮಾಂತರ ಜಿಲ್ಲೆಯ ಕರ್ನಾಟಕ ಮಹರ್ಷಿ ವಾಲ್ಮೀಕಿ ಪರಿಶಿಷ್ಟ ಪಂಗಡಗಳ ಅಭಿವೃದ್ಧಿ ನಿಗಮದಿಂದ ಹೊಲಿಗೆ ಯಂತ್ರ ಪಡೆಯಲು ಅರ್ಜಿ ಆಹ್ವಾನಿಸಲಾಗಿದೆ. ಅರ್ಜಿ ಸಲ್ಲಿಸಲು ಡಿಸೆಂಬರ್ 06 ಕೊನೆ ದಿನವಾಗಿದೆ. ಹೆಚ್ಚಿನ ಮಾಹಿತಿಗಾಗಿ https://kmcdc.karnataka.gov.in ಸಂಪರ್ಕಿಸಬಹುದು. ಸಹಾಯವಾಣಿ ಸಂಖ್ಯೆ:8867537799/ ದೂ.ಸಂಖ್ಯೆ:080-29903994, 080-29605761 ಗೆ ಕರೆ ಮಾಡಬಹುದು.
ಸಾಲುಮರದ ತಿಮ್ಮಕ್ಕ ರವರ ನಿಧನಕ್ಕೆ ಸಭಾಪತಿ ಬಿಸವರಾಜ ಎಸ್. ಹೊರಟ್ಟಿ ಸಂತಾಪ
ಬೆಂಗಳೂರು/ಹುಬ್ಬಳ್ಳಿ: ಪರಿಸರ ಸಂರಕ್ಷಣೆಗಾಗಿ ತಮ್ಮ ಇಡೀ ಜೀವನವನ್ನೇ ಮುಡಿಪಾಗಿಟ್ಟಿದ್ದ ಪದ್ಮಶ್ರೀ ಸಾಲುಮರದ ತಿಮ್ಮಕ್ಕ ಅವರ ನಿಧನಕ್ಕೆ ವಿಧಾನ ಪರಿಷತ್ ಸಭಾಪತಿ ಬಸವರಾಜ ಎಸ್. ಹೊರಟ್ಟಿ ತೀವ್ರ ಸಂತಾಪ ವ್ಯಕ್ತಪಡಿಸಿದ್ದಾರೆ. ಸಾವಿರಾರು ಮರಗಳನ್ನು ನೆಟ್ಟು ಪೋಷಿಸಿದ ಅವರ ಸೇವೆ ಅವಿಸ್ಮರಣೀಯ. ಅವರ ಆತ್ಮಕ್ಕೆ ಶಾಂತಿ ಸಿಗಲಿ ಎಂದು ಪ್ರಾರ್ಥಿಸಿದ್ದಾರೆ.
ರೈತ ಮಹಿಳೆಯರಿಂದ ಅರ್ಜಿ
ಬೆಂಗಳೂರು: 2025-26ನೇ ಸಾಲಿನ ಹಿಂಗಾರು ಹಂಗಾಮಿನಲ್ಲಿ ಕೃಷಿ ಇಲಾಖೆಯ ಕೃಷಿ ಸಂಜೀವಿನಿ ಯೋಜನೆಯಡಿ ರೈತ ಮಹಿಳೆಯರಿಂದ ಅರ್ಜಿ ಆಹ್ವಾನಿಸಲಾಗಿದೆ. K-KISAN Portal ನಲ್ಲಿ ಅರ್ಜಿ ಸಲ್ಲಿಸಬಹುದು. ಆಸಕ್ತರು ಸಮೀಪದ ರೈತ ಸಂಪರ್ಕ ಕೇಂದ್ರವನ್ನು ಸಂಪರ್ಕಿಸಬಹುದು ಎಂದು ಕೃಷಿ ಇಲಾಖೆ ತಿಳಿಸಿದೆ.
ಡಿ.8 ರಿಂದ ಅಧಿವೇಶನ ಆರಂಭ
ಬೆಂಗಳೂರು: ಬೆಳಗಾವಿ ಸುವರ್ಣ ವಿಧಾನಸೌಧದಲ್ಲಿ ವಿಧಾನ ಮಂಡಲದ ಚಳಿಗಾಲದ ಅಧಿವೇಶನ ಡಿಸೆಂಬರ್ 8 ರಿಂದ ಆರಂಭವಾಗಲಿದೆ. ಡಿಸೆಂಬರ್ 19 ರವರೆಗೆ ಅಧಿವೇಶನ ನಡೆಯಲಿದೆ. ಡಿಸೆಂಬರ್ 8 ರಂದು 10, 12, 15 ರಂದು 17 ಮತ್ತು 19 ರಂದು ಸಭೆಗಳು ನಡೆಯಲಿವೆ ಎಂದು ಪ್ರಕಟಣೆ ತಿಳಿಸಿದೆ.
ತರಬೇತಿ ಕಾರ್ಯಾಗಾರ
ಬೆಂಗಳೂರು: ಕರ್ನಾಟಕ ಉಲ್ಲೇಖನಾ ಅಧಿಕಾರಿಗಳ ಸಂಘ ಮತ್ತು ಕರ್ನಾಟಕ ಗ್ರಾಮೀಣ ಅಭಿವೃದ್ಧಿ ವತಿಯಿಂದ ನವೆಂಬರ್ 18 ರಂದು ಬೆಳಿಗ್ಗೆ 11.00 ಗಂಟೆಗೆ ತರಬೇತಿ ಕಾರ್ಯಾಗಾರ ನಡೆಯಲಿದೆ. ಜೆ.ಸಿ.ರಸ್ತೆಯಲ್ಲಿರುವ ಸಭಾಂಗಣದಲ್ಲಿ ಕಾರ್ಯಾಗಾರ ನಡೆಯಲಿದೆ.
